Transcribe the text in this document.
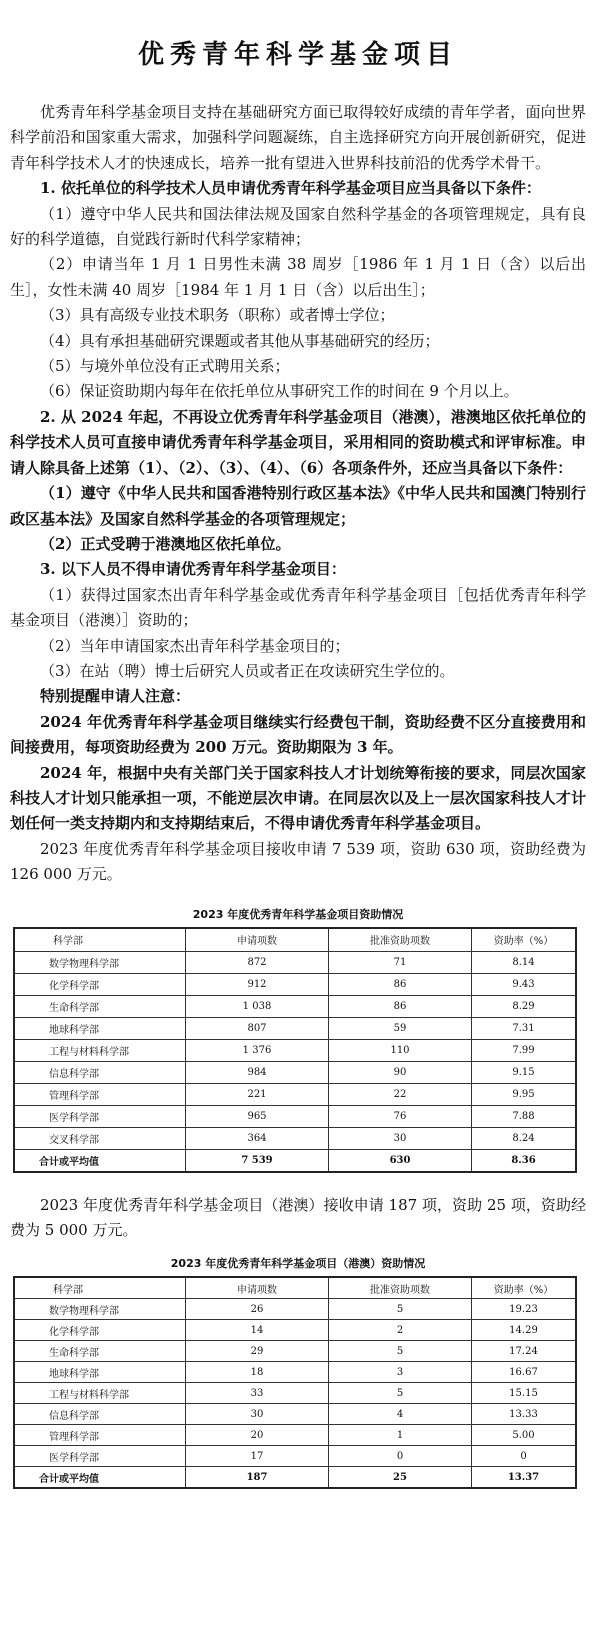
优秀青年科学基金项目

优秀青年科学基金项目支持在基础研究方面已取得较好成绩的青年学者，面向世界科学前沿和国家重大需求，加强科学问题凝练，自主选择研究方向开展创新研究，促进青年科学技术人才的快速成长，培养一批有望进入世界科技前沿的优秀学术骨干。

1. 依托单位的科学技术人员申请优秀青年科学基金项目应当具备以下条件：

（1）遵守中华人民共和国法律法规及国家自然科学基金的各项管理规定，具有良好的科学道德，自觉践行新时代科学家精神；

（2）申请当年 1 月 1 日男性未满 38 周岁［1986 年 1 月 1 日（含）以后出生］，女性未满 40 周岁［1984 年 1 月 1 日（含）以后出生］；

（3）具有高级专业技术职务（职称）或者博士学位；

（4）具有承担基础研究课题或者其他从事基础研究的经历；

（5）与境外单位没有正式聘用关系；

（6）保证资助期内每年在依托单位从事研究工作的时间在 9 个月以上。

2. 从 2024 年起，不再设立优秀青年科学基金项目（港澳），港澳地区依托单位的科学技术人员可直接申请优秀青年科学基金项目，采用相同的资助模式和评审标准。申请人除具备上述第（1）、（2）、（3）、（4）、（6）各项条件外，还应当具备以下条件：

（1）遵守《中华人民共和国香港特别行政区基本法》《中华人民共和国澳门特别行政区基本法》及国家自然科学基金的各项管理规定；

（2）正式受聘于港澳地区依托单位。

3. 以下人员不得申请优秀青年科学基金项目：

（1）获得过国家杰出青年科学基金或优秀青年科学基金项目［包括优秀青年科学基金项目（港澳）］资助的；

（2）当年申请国家杰出青年科学基金项目的；

（3）在站（聘）博士后研究人员或者正在攻读研究生学位的。

特别提醒申请人注意：

2024 年优秀青年科学基金项目继续实行经费包干制，资助经费不区分直接费用和间接费用，每项资助经费为 200 万元。资助期限为 3 年。

2024 年，根据中央有关部门关于国家科技人才计划统筹衔接的要求，同层次国家科技人才计划只能承担一项，不能逆层次申请。在同层次以及上一层次国家科技人才计划任何一类支持期内和支持期结束后，不得申请优秀青年科学基金项目。

2023 年度优秀青年科学基金项目接收申请 7 539 项，资助 630 项，资助经费为 126 000 万元。

2023 年度优秀青年科学基金项目资助情况

科学部	申请项数	批准资助项数	资助率（%）
数学物理科学部	872	71	8.14
化学科学部	912	86	9.43
生命科学部	1 038	86	8.29
地球科学部	807	59	7.31
工程与材料科学部	1 376	110	7.99
信息科学部	984	90	9.15
管理科学部	221	22	9.95
医学科学部	965	76	7.88
交叉科学部	364	30	8.24
合计或平均值	7 539	630	8.36

2023 年度优秀青年科学基金项目（港澳）接收申请 187 项，资助 25 项，资助经费为 5 000 万元。

2023 年度优秀青年科学基金项目（港澳）资助情况

科学部	申请项数	批准资助项数	资助率（%）
数学物理科学部	26	5	19.23
化学科学部	14	2	14.29
生命科学部	29	5	17.24
地球科学部	18	3	16.67
工程与材料科学部	33	5	15.15
信息科学部	30	4	13.33
管理科学部	20	1	5.00
医学科学部	17	0	0
合计或平均值	187	25	13.37
